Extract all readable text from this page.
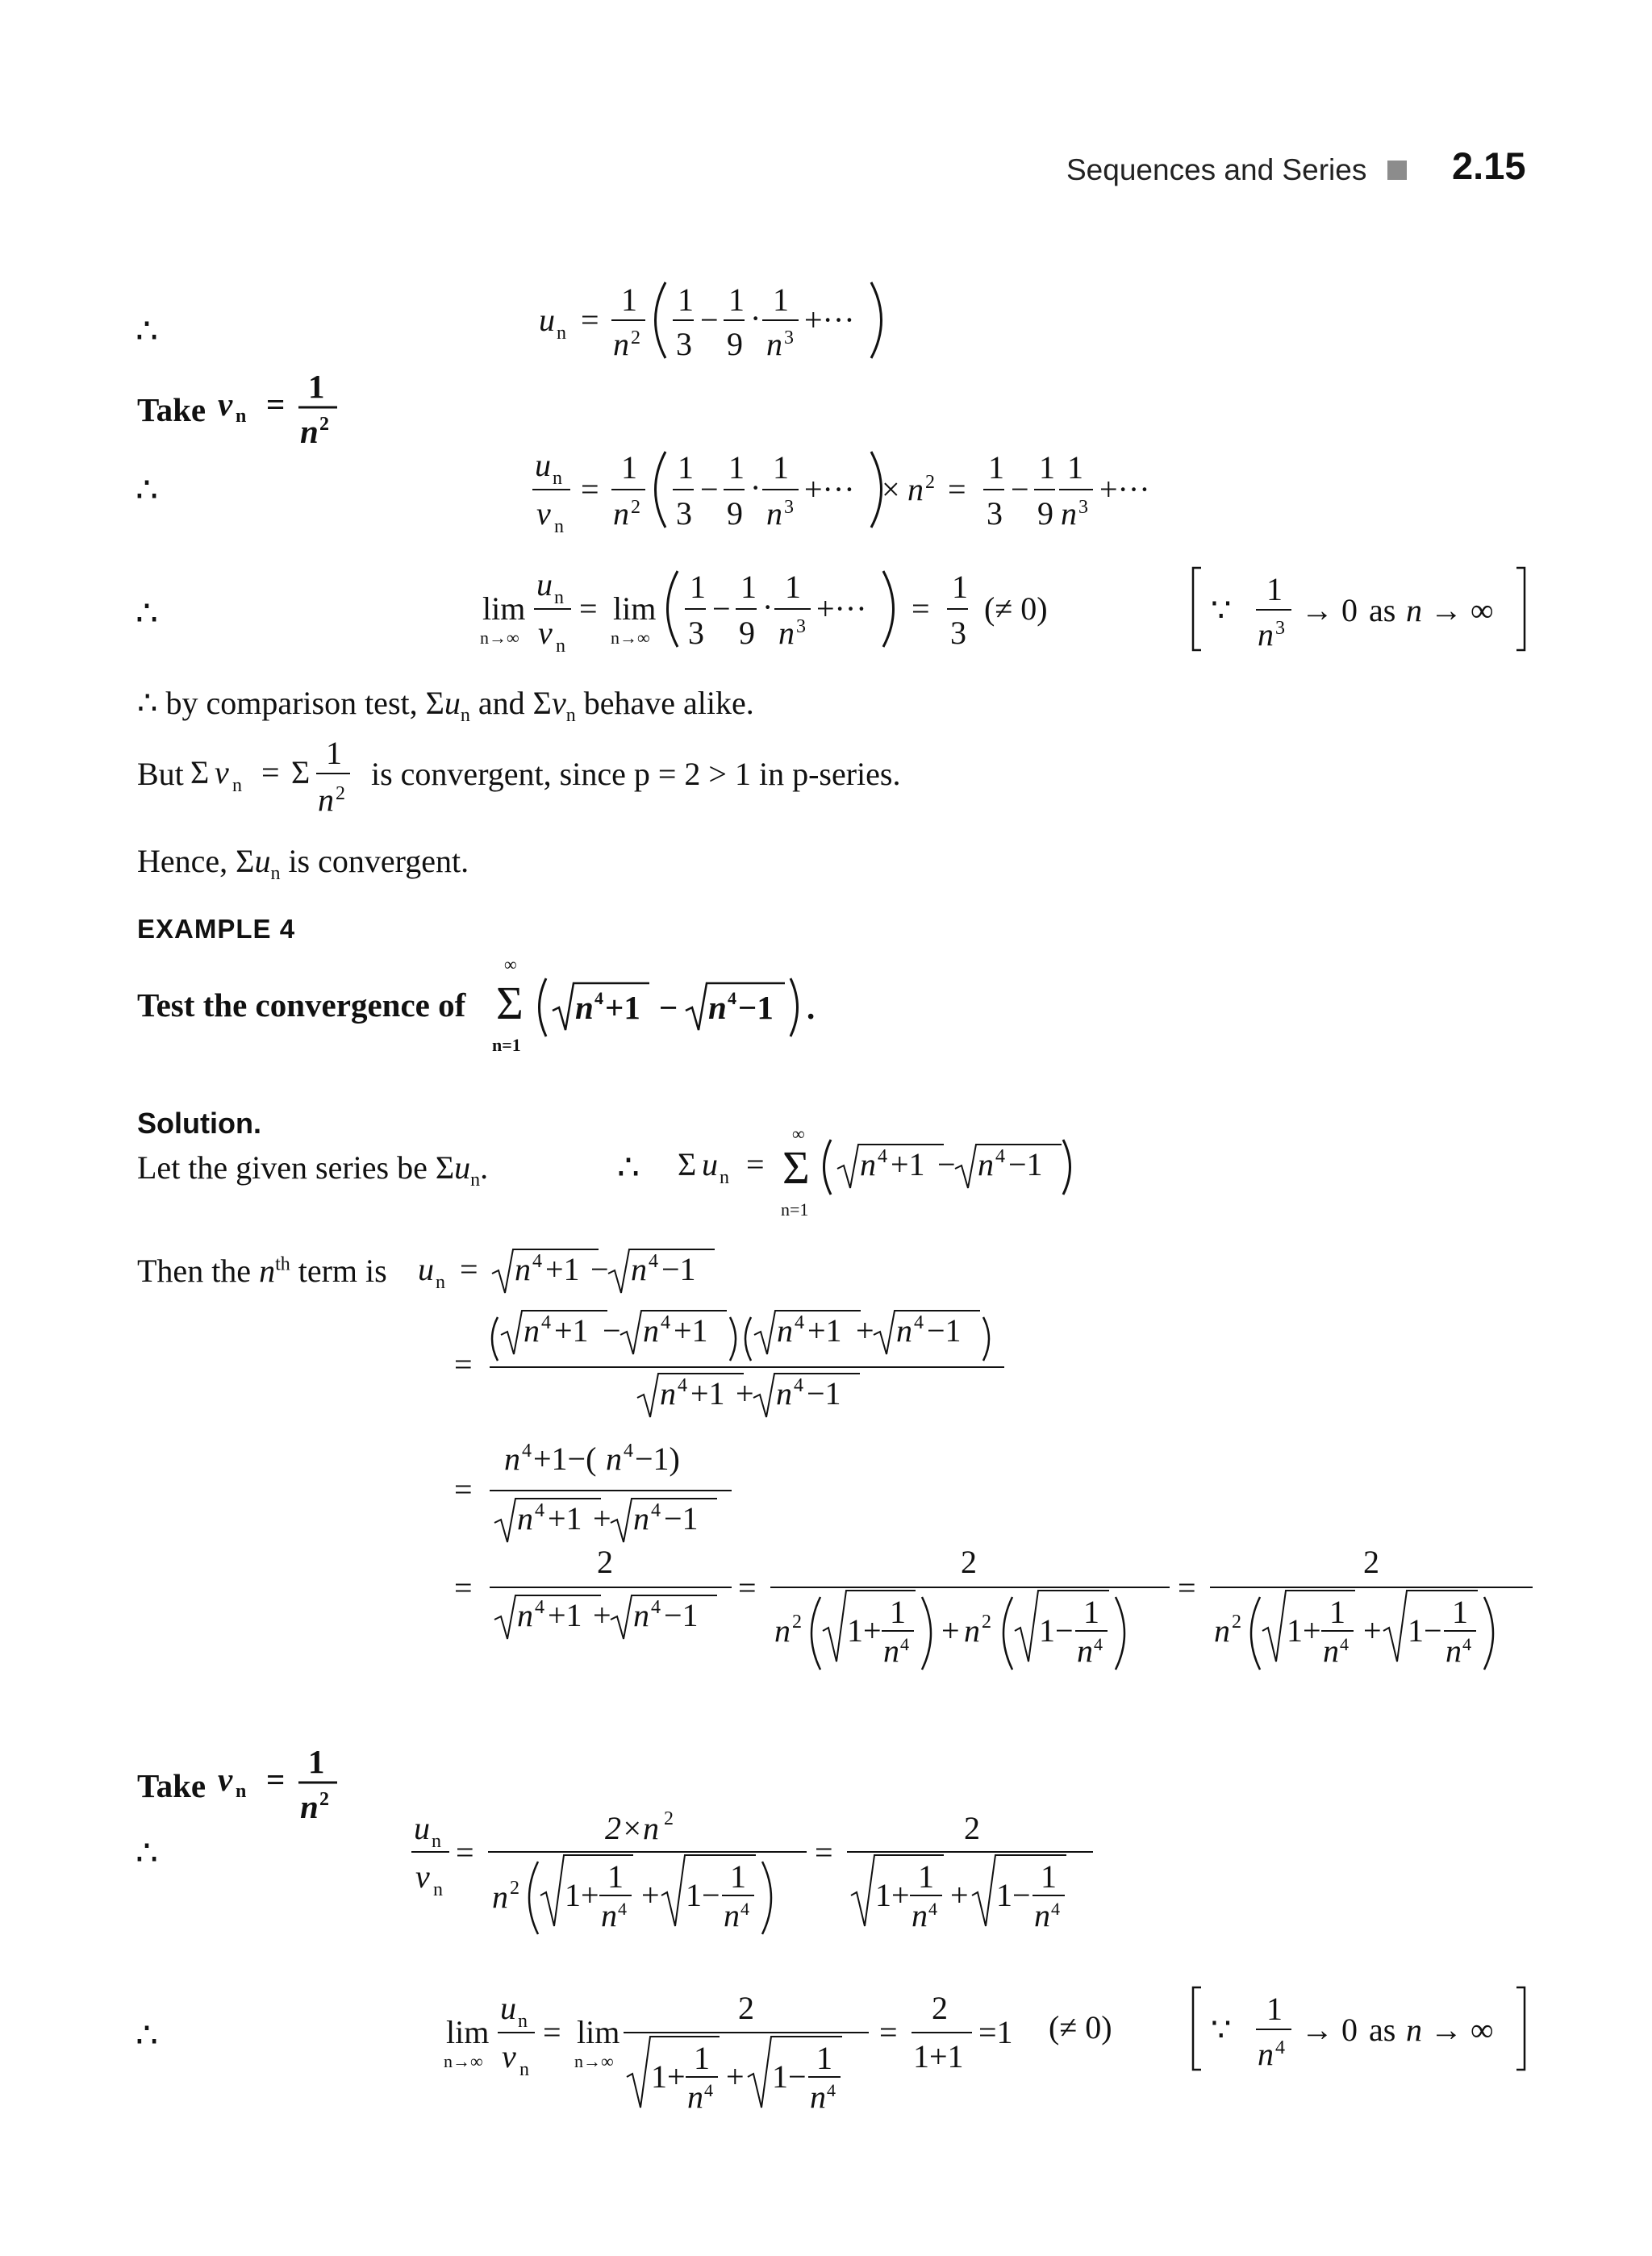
Sequences and Series 2.15
∴	u n =
1
n 2
1
3
−
1
9
·
1
n 3 +···
Take v n = 1
n 2
∴
u n
v n
=
1
n 2
1
3
−
1
9
·
1
n 3 +··· × n 2 =
1
3
−
1
9
1
n 3 +···
∴	lim
n→∞
u n
v n
= lim
n→∞
1
3
−
1
9
·
1
n 3 +··· =
1
3
(≠ 0)	∵
1
n 3 → 0 as n → ∞
∴ by comparison test, $\Sigma u_n$ and $\Sigma v_n$ behave alike.
But Σ v n = Σ
1
n 2
is convergent, since p = 2 > 1 in p-series.
Hence, $\Sigma u_n$ is convergent.
EXAMPLE 4
Test the convergence of
∞
Σ
n=1
n 4 +1 − n 4 −1 .
Solution.
Let the given series be $\Sigma u_n$.	∴ Σ u n =
∞
Σ
n=1
n 4 +1 − n 4 −1
Then the $n^{th}$ term is u n = n 4 +1 − n 4 −1
=
n 4 +1 − n 4 +1 n 4 +1 + n 4 −1
n 4 +1 + n 4 −1
=
n 4 +1−( n 4 −1)
n 4 +1 + n 4 −1
=
2
n 4 +1 + n 4 −1
=
2
n 2 1+
1
n 4 + n 2 1−
1
n 4
=
2
n 2 1+
1
n 4 + 1−
1
n 4
Take v n = 1
n 2
∴
u n
v n
=
2×n 2
n 2 1+
1
n 4 + 1−
1
n 4
=
2
1+
1
n 4 + 1−
1
n 4
∴	lim
n→∞
u n
v n
= lim
n→∞
2
1+
1
n 4 + 1−
1
n 4
=
2
1+1
=1 (≠ 0)	∵
1
n 4 → 0 as n → ∞
